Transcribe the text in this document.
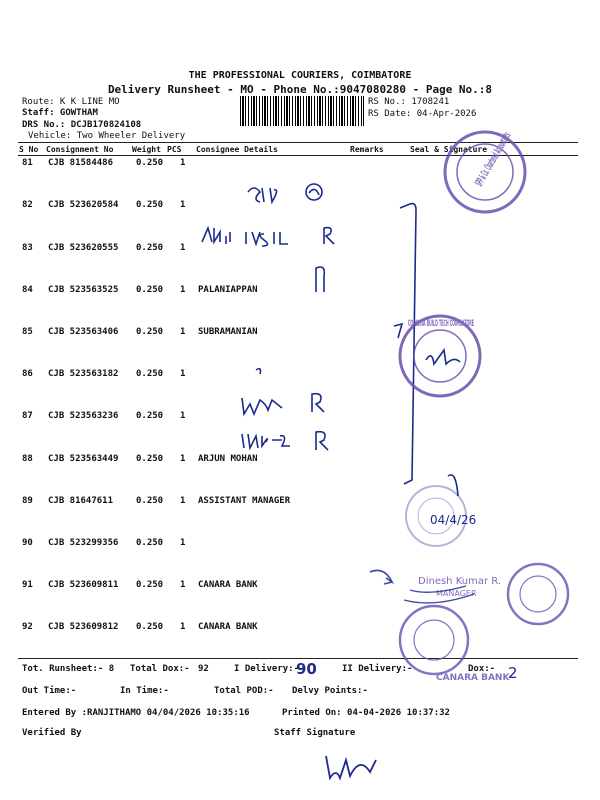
THE PROFESSIONAL COURIERS, COIMBATORE
Delivery Runsheet - MO - Phone No.:9047080280 - Page No.:8
Route: K K LINE MO
Staff: GOWTHAM
DRS No.: DCJB170824108
Vehicle: Two Wheeler Delivery
RS No.: 1708241
RS Date: 04-Apr-2026
S No Consignment No Weight PCS Consignee Details	Remarks	Seal & Signature
81 CJB 81584486	0.250 1
82 CJB 523620584 0.250 1
83 CJB 523620555 0.250 1
84 CJB 523563525 0.250 1 PALANIAPPAN
85 CJB 523563406 0.250 1 SUBRAMANIAN
86 CJB 523563182 0.250 1
87 CJB 523563236 0.250 1
88 CJB 523563449 0.250 1 ARJUN MOHAN
89 CJB 81647611	0.250 1 ASSISTANT MANAGER
90 CJB 523299356 0.250 1
91 CJB 523609811 0.250 1 CANARA BANK
92 CJB 523609812 0.250 1 CANARA BANK
Tot. Runsheet:- 8 Total Dox:- 92	I Delivery:-	II Delivery:-	Dox:-
Out Time:-	In Time:-	Total POD:- Delvy Points:-
Entered By :RANJITHAMO 04/04/2026 10:35:16	Printed On: 04-04-2026 10:37:32
Verified By	Staff Signature
SPP & Co. Chartered Accountants
CODISSIA BUILD TECH COIMBATORE
04/4/26
Dinesh Kumar R.
MANAGER
CANARA BANK
90	2
